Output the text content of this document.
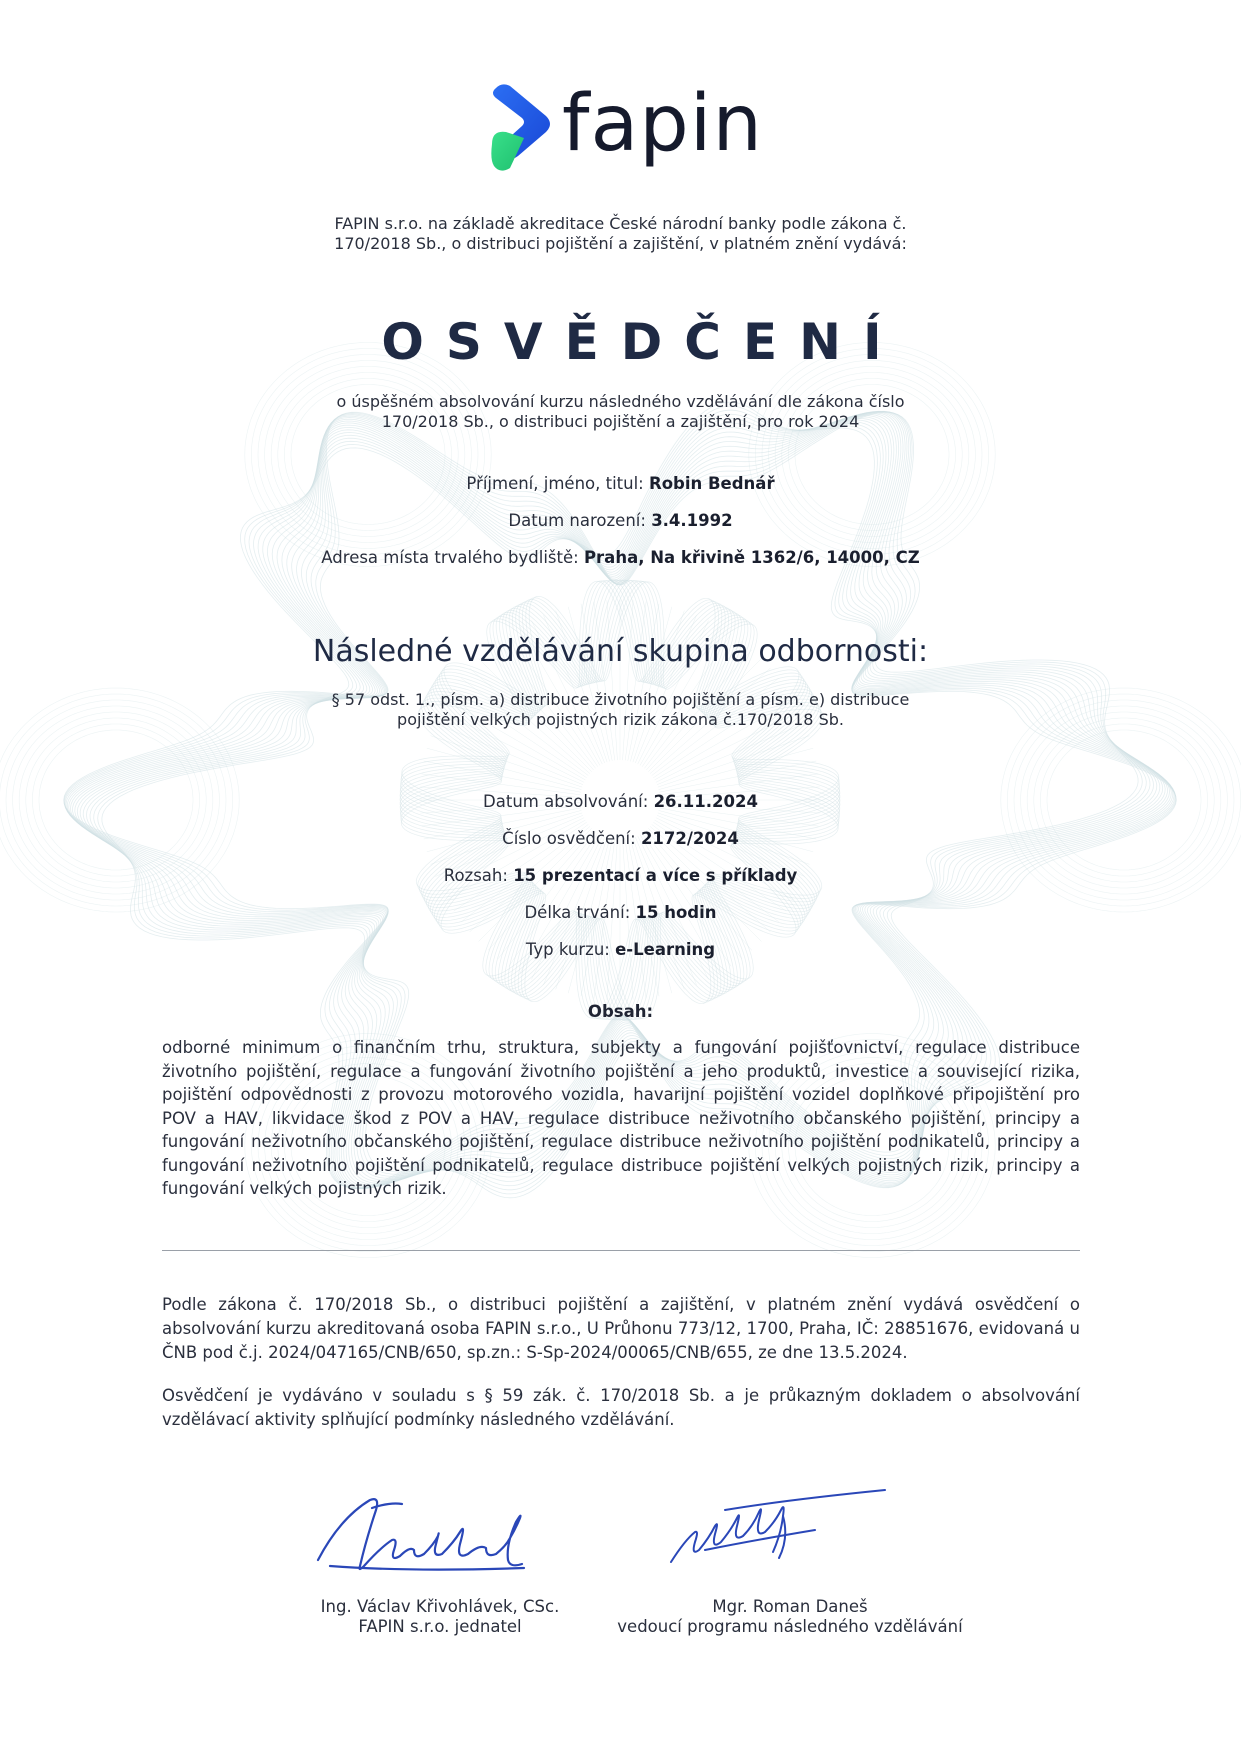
fapin
FAPIN s.r.o. na základě akreditace České národní banky podle zákona č.
170/2018 Sb., o distribuci pojištění a zajištění, v platném znění vydává:
OSVĚDČENÍ
o úspěšném absolvování kurzu následného vzdělávání dle zákona číslo
170/2018 Sb., o distribuci pojištění a zajištění, pro rok 2024
Příjmení, jméno, titul: Robin Bednář
Datum narození: 3.4.1992
Adresa místa trvalého bydliště: Praha, Na křivině 1362/6, 14000, CZ
Následné vzdělávání skupina odbornosti:
§ 57 odst. 1., písm. a) distribuce životního pojištění a písm. e) distribuce
pojištění velkých pojistných rizik zákona č.170/2018 Sb.
Datum absolvování: 26.11.2024
Číslo osvědčení: 2172/2024
Rozsah: 15 prezentací a více s příklady
Délka trvání: 15 hodin
Typ kurzu: e-Learning
Obsah:
odborné minimum o finančním trhu, struktura, subjekty a fungování pojišťovnictví, regulace distribuce životního pojištění, regulace a fungování životního pojištění a jeho produktů, investice a související rizika, pojištění odpovědnosti z provozu motorového vozidla, havarijní pojištění vozidel doplňkové připojištění pro POV a HAV, likvidace škod z POV a HAV, regulace distribuce neživotního občanského pojištění, principy a fungování neživotního občanského pojištění, regulace distribuce neživotního pojištění podnikatelů, principy a fungování neživotního pojištění podnikatelů, regulace distribuce pojištění velkých pojistných rizik, principy a fungování velkých pojistných rizik.
Podle zákona č. 170/2018 Sb., o distribuci pojištění a zajištění, v platném znění vydává osvědčení o absolvování kurzu akreditovaná osoba FAPIN s.r.o., U Průhonu 773/12, 1700, Praha, IČ: 28851676, evidovaná u ČNB pod č.j. 2024/047165/CNB/650, sp.zn.: S-Sp-2024/00065/CNB/655, ze dne 13.5.2024.
Osvědčení je vydáváno v souladu s § 59 zák. č. 170/2018 Sb. a je průkazným dokladem o absolvování vzdělávací aktivity splňující podmínky následného vzdělávání.
Ing. Václav Křivohlávek, CSc.
FAPIN s.r.o. jednatel
Mgr. Roman Daneš
vedoucí programu následného vzdělávání
